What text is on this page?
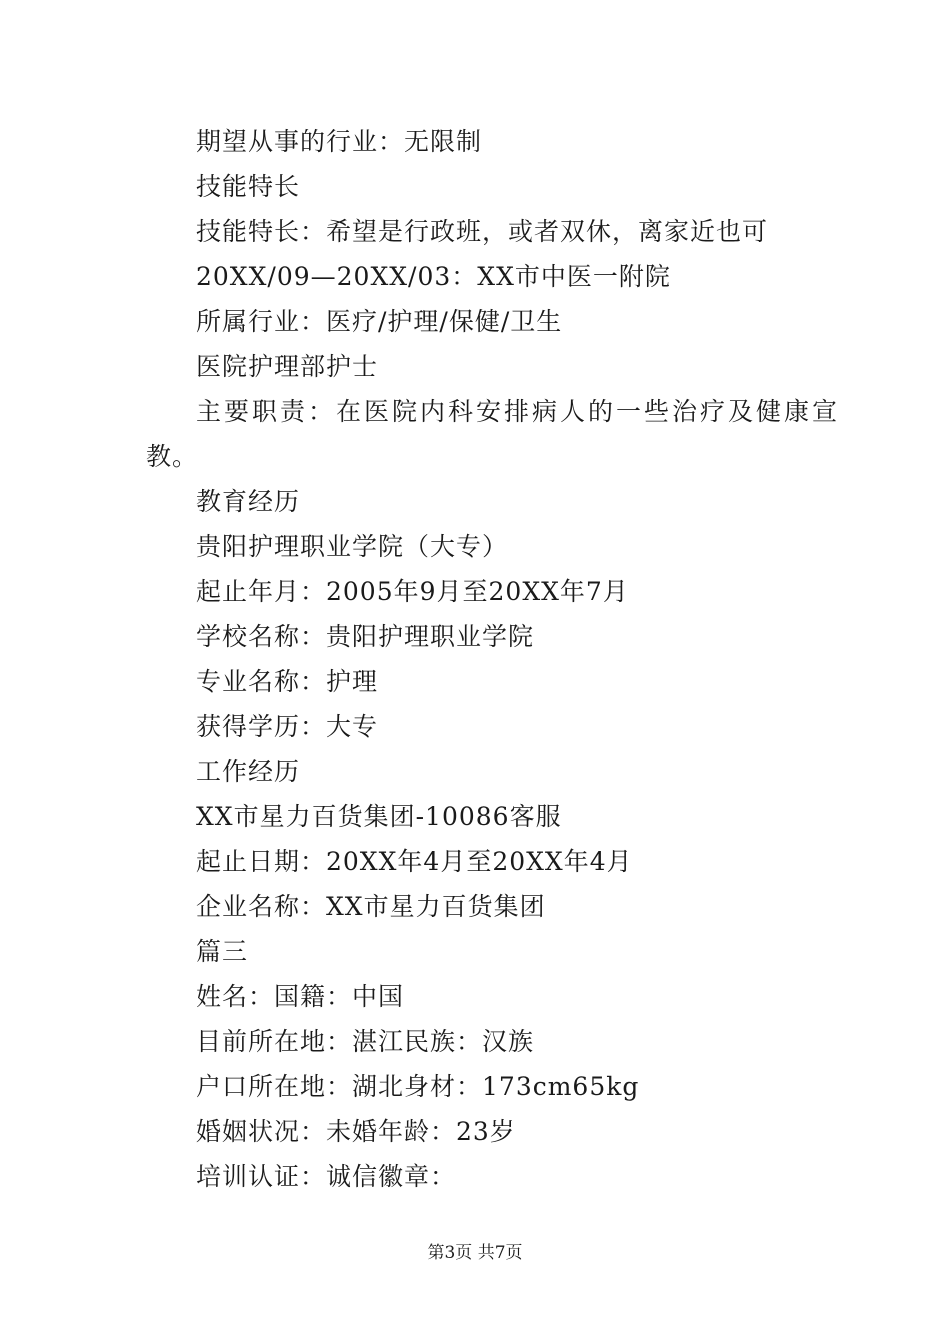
期望从事的行业：无限制
技能特长
技能特长：希望是行政班，或者双休，离家近也可
20XX/09—20XX/03：XX市中医一附院
所属行业：医疗/护理/保健/卫生
医院护理部护士
主要职责：在医院内科安排病人的一些治疗及健康宣
教。
教育经历
贵阳护理职业学院（大专）
起止年月：2005年9月至20XX年7月
学校名称：贵阳护理职业学院
专业名称：护理
获得学历：大专
工作经历
XX市星力百货集团-10086客服
起止日期：20XX年4月至20XX年4月
企业名称：XX市星力百货集团
篇三
姓名：国籍：中国
目前所在地：湛江民族：汉族
户口所在地：湖北身材：173cm65kg
婚姻状况：未婚年龄：23岁
培训认证：诚信徽章：
第3页 共7页
